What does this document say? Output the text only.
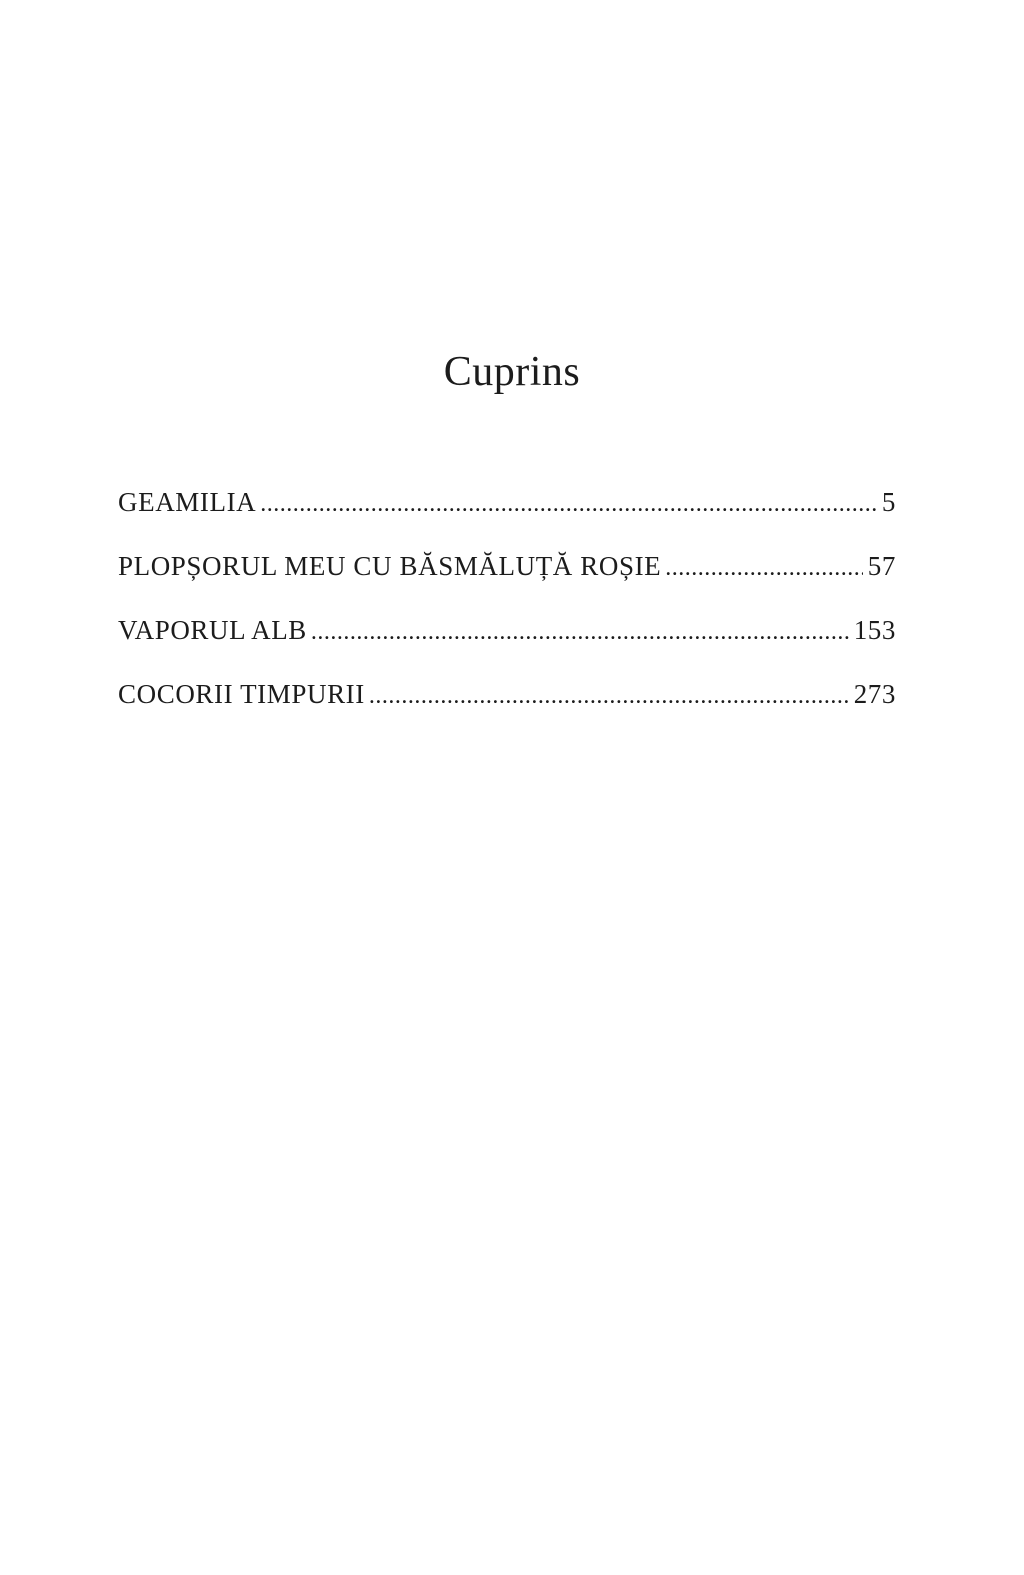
Cuprins
GEAMILIA .....	5
PLOPȘORUL MEU CU BĂSMĂLUȚĂ ROȘIE .....	57
VAPORUL ALB .....	153
COCORII TIMPURII .....	273
